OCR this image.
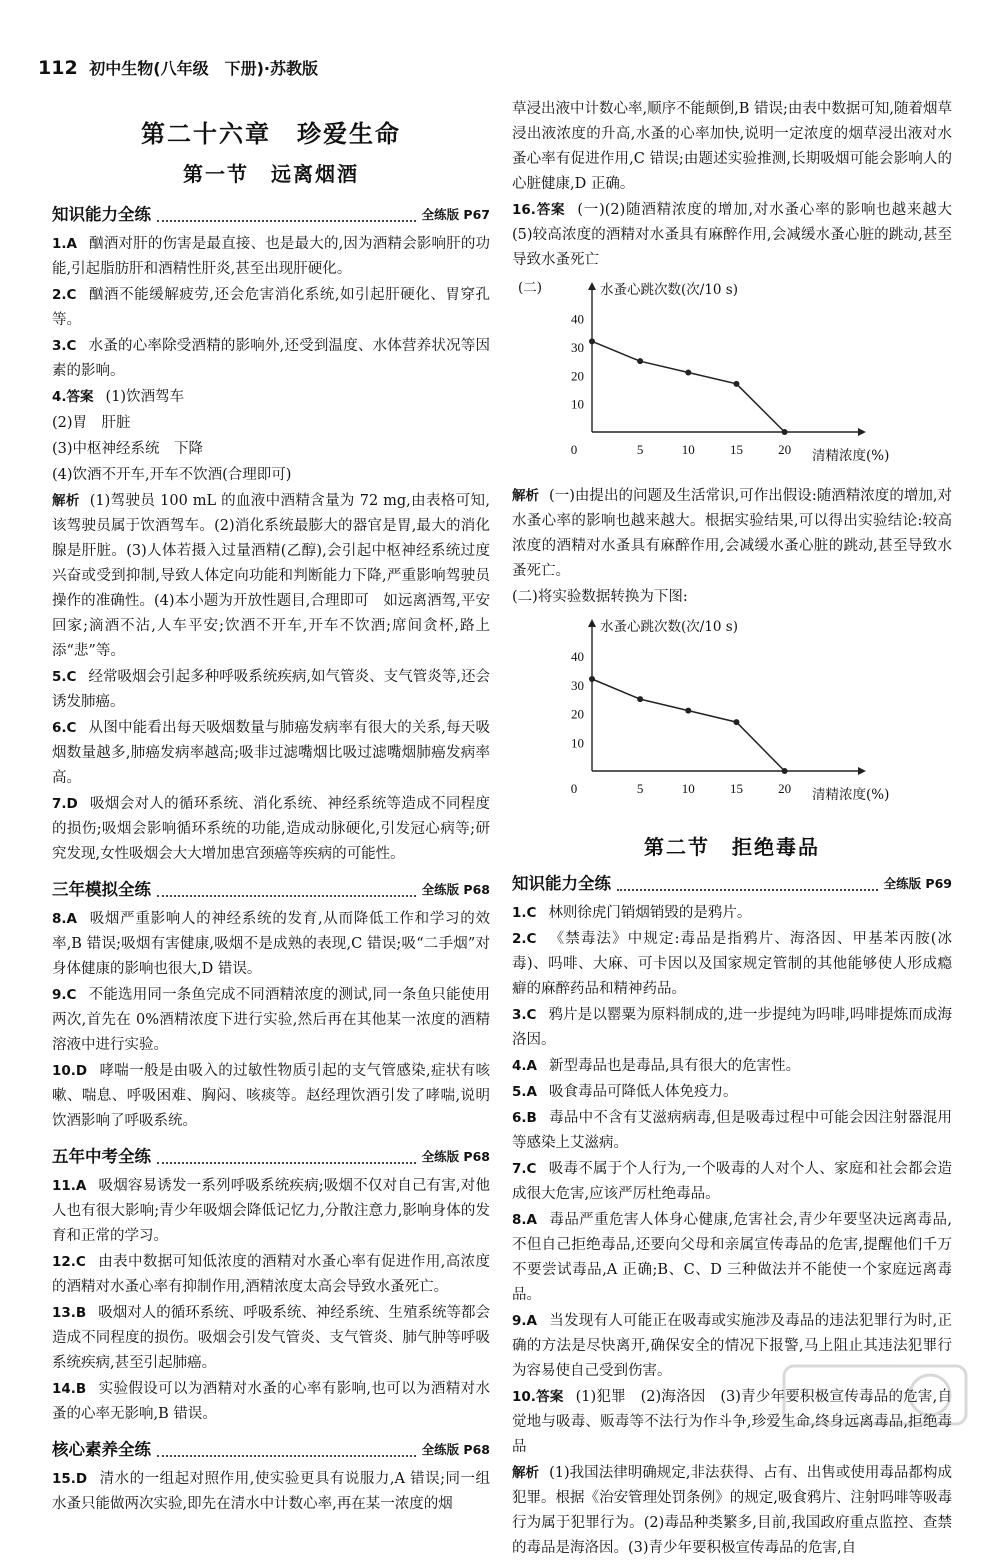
112 初中生物(八年级　下册)·苏教版
第二十六章　珍爱生命
第一节　远离烟酒
知识能力全练	全练版 P67
1.A 酗酒对肝的伤害是最直接、也是最大的,因为酒精会影响肝的功能,引起脂肪肝和酒精性肝炎,甚至出现肝硬化。
2.C 酗酒不能缓解疲劳,还会危害消化系统,如引起肝硬化、胃穿孔等。
3.C 水蚤的心率除受酒精的影响外,还受到温度、水体营养状况等因素的影响。
4.答案 (1)饮酒驾车
(2)胃　肝脏
(3)中枢神经系统　下降
(4)饮酒不开车,开车不饮酒(合理即可)
解析 (1)驾驶员 100 mL 的血液中酒精含量为 72 mg,由表格可知,该驾驶员属于饮酒驾车。(2)消化系统最膨大的器官是胃,最大的消化腺是肝脏。(3)人体若摄入过量酒精(乙醇),会引起中枢神经系统过度兴奋或受到抑制,导致人体定向功能和判断能力下降,严重影响驾驶员操作的准确性。(4)本小题为开放性题目,合理即可　如远离酒驾,平安回家;滴酒不沾,人车平安;饮酒不开车,开车不饮酒;席间贪杯,路上添“悲”等。
5.C 经常吸烟会引起多种呼吸系统疾病,如气管炎、支气管炎等,还会诱发肺癌。
6.C 从图中能看出每天吸烟数量与肺癌发病率有很大的关系,每天吸烟数量越多,肺癌发病率越高;吸非过滤嘴烟比吸过滤嘴烟肺癌发病率高。
7.D 吸烟会对人的循环系统、消化系统、神经系统等造成不同程度的损伤;吸烟会影响循环系统的功能,造成动脉硬化,引发冠心病等;研究发现,女性吸烟会大大增加患宫颈癌等疾病的可能性。
三年模拟全练	全练版 P68
8.A 吸烟严重影响人的神经系统的发育,从而降低工作和学习的效率,B 错误;吸烟有害健康,吸烟不是成熟的表现,C 错误;吸“二手烟”对身体健康的影响也很大,D 错误。
9.C 不能选用同一条鱼完成不同酒精浓度的测试,同一条鱼只能使用两次,首先在 0%酒精浓度下进行实验,然后再在其他某一浓度的酒精溶液中进行实验。
10.D 哮喘一般是由吸入的过敏性物质引起的支气管感染,症状有咳嗽、喘息、呼吸困难、胸闷、咳痰等。赵经理饮酒引发了哮喘,说明饮酒影响了呼吸系统。
五年中考全练	全练版 P68
11.A 吸烟容易诱发一系列呼吸系统疾病;吸烟不仅对自己有害,对他人也有很大影响;青少年吸烟会降低记忆力,分散注意力,影响身体的发育和正常的学习。
12.C 由表中数据可知低浓度的酒精对水蚤心率有促进作用,高浓度的酒精对水蚤心率有抑制作用,酒精浓度太高会导致水蚤死亡。
13.B 吸烟对人的循环系统、呼吸系统、神经系统、生殖系统等都会造成不同程度的损伤。吸烟会引发气管炎、支气管炎、肺气肿等呼吸系统疾病,甚至引起肺癌。
14.B 实验假设可以为酒精对水蚤的心率有影响,也可以为酒精对水蚤的心率无影响,B 错误。
核心素养全练	全练版 P68
15.D 清水的一组起对照作用,使实验更具有说服力,A 错误;同一组水蚤只能做两次实验,即先在清水中计数心率,再在某一浓度的烟
草浸出液中计数心率,顺序不能颠倒,B 错误;由表中数据可知,随着烟草浸出液浓度的升高,水蚤的心率加快,说明一定浓度的烟草浸出液对水蚤心率有促进作用,C 错误;由题述实验推测,长期吸烟可能会影响人的心脏健康,D 正确。
16.答案 (一)(2)随酒精浓度的增加,对水蚤心率的影响也越来越大　(5)较高浓度的酒精对水蚤具有麻醉作用,会减缓水蚤心脏的跳动,甚至导致水蚤死亡
(二)
10
20
30
40
0	5	10	15	20
水蚤心跳次数(次/10 s)
清精浓度(%)
解析 (一)由提出的问题及生活常识,可作出假设:随酒精浓度的增加,对水蚤心率的影响也越来越大。根据实验结果,可以得出实验结论:较高浓度的酒精对水蚤具有麻醉作用,会减缓水蚤心脏的跳动,甚至导致水蚤死亡。
(二)将实验数据转换为下图:
10
20
30
40
0	5	10	15	20
水蚤心跳次数(次/10 s)
清精浓度(%)
第二节　拒绝毒品
知识能力全练	全练版 P69
1.C 林则徐虎门销烟销毁的是鸦片。
2.C 《禁毒法》中规定:毒品是指鸦片、海洛因、甲基苯丙胺(冰毒)、吗啡、大麻、可卡因以及国家规定管制的其他能够使人形成瘾癖的麻醉药品和精神药品。
3.C 鸦片是以罂粟为原料制成的,进一步提纯为吗啡,吗啡提炼而成海洛因。
4.A 新型毒品也是毒品,具有很大的危害性。
5.A 吸食毒品可降低人体免疫力。
6.B 毒品中不含有艾滋病病毒,但是吸毒过程中可能会因注射器混用等感染上艾滋病。
7.C 吸毒不属于个人行为,一个吸毒的人对个人、家庭和社会都会造成很大危害,应该严厉杜绝毒品。
8.A 毒品严重危害人体身心健康,危害社会,青少年要坚决远离毒品,不但自己拒绝毒品,还要向父母和亲属宣传毒品的危害,提醒他们千万不要尝试毒品,A 正确;B、C、D 三种做法并不能使一个家庭远离毒品。
9.A 当发现有人可能正在吸毒或实施涉及毒品的违法犯罪行为时,正确的方法是尽快离开,确保安全的情况下报警,马上阻止其违法犯罪行为容易使自己受到伤害。
10.答案 (1)犯罪　(2)海洛因　(3)青少年要积极宣传毒品的危害,自觉地与吸毒、贩毒等不法行为作斗争,珍爱生命,终身远离毒品,拒绝毒品
解析 (1)我国法律明确规定,非法获得、占有、出售或使用毒品都构成犯罪。根据《治安管理处罚条例》的规定,吸食鸦片、注射吗啡等吸毒行为属于犯罪行为。(2)毒品种类繁多,目前,我国政府重点监控、查禁的毒品是海洛因。(3)青少年要积极宣传毒品的危害,自
